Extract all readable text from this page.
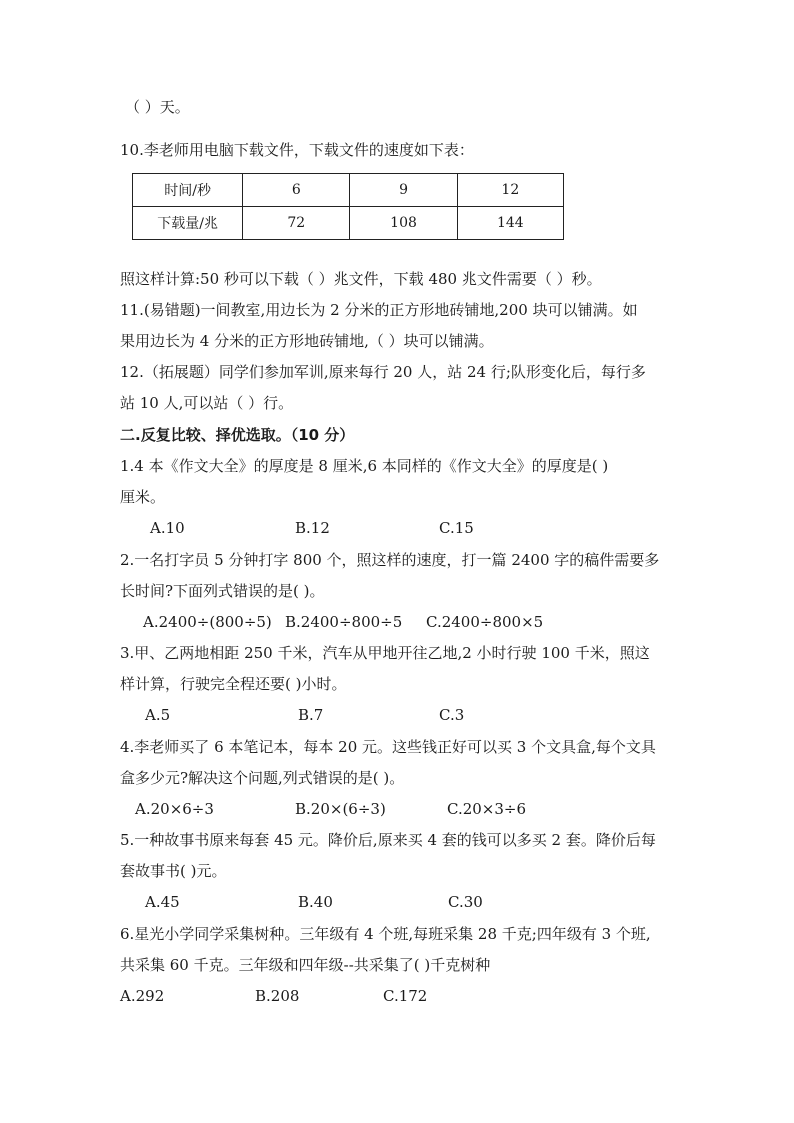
（ ）天。
10.李老师用电脑下载文件，下载文件的速度如下表：
时间/秒	6	9	12
下载量/兆	72	108	144
照这样计算:50 秒可以下载（ ）兆文件，下载 480 兆文件需要（ ）秒。
11.(易错题)一间教室,用边长为 2 分米的正方形地砖铺地,200 块可以铺满。如
果用边长为 4 分米的正方形地砖铺地,（ ）块可以铺满。
12.（拓展题）同学们参加军训,原来每行 20 人，站 24 行;队形变化后，每行多
站 10 人,可以站（ ）行。
二.反复比较、择优选取。（10 分）
1.4 本《作文大全》的厚度是 8 厘米,6 本同样的《作文大全》的厚度是( )
厘米。
A.10	B.12	C.15
2.一名打字员 5 分钟打字 800 个，照这样的速度，打一篇 2400 字的稿件需要多
长时间?下面列式错误的是( )。
A.2400÷(800÷5) B.2400÷800÷5 C.2400÷800×5
3.甲、乙两地相距 250 千米，汽车从甲地开往乙地,2 小时行驶 100 千米，照这
样计算，行驶完全程还要( )小时。
A.5	B.7	C.3
4.李老师买了 6 本笔记本，每本 20 元。这些钱正好可以买 3 个文具盒,每个文具
盒多少元?解决这个问题,列式错误的是( )。
A.20×6÷3	B.20×(6÷3)	C.20×3÷6
5.一种故事书原来每套 45 元。降价后,原来买 4 套的钱可以多买 2 套。降价后每
套故事书( )元。
A.45	B.40	C.30
6.星光小学同学采集树种。三年级有 4 个班,每班采集 28 千克;四年级有 3 个班,
共采集 60 千克。三年级和四年级--共采集了( )千克树种
A.292	B.208	C.172
